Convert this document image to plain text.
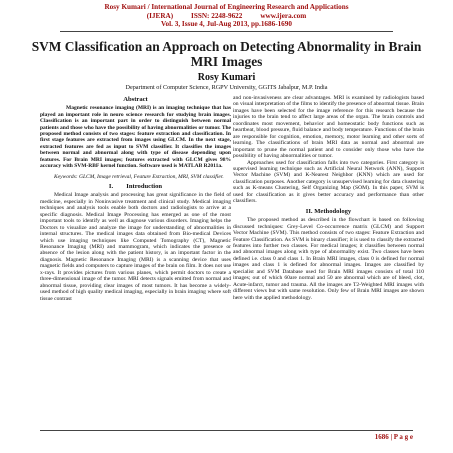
Rosy Kumari / International Journal of Engineering Research and Applications
(IJERA)          ISSN: 2248-9622          www.ijera.com
Vol. 3, Issue 4, Jul-Aug 2013, pp.1686-1690
SVM Classification an Approach on Detecting Abnormality in Brain MRI Images
Rosy Kumari
Department of Computer Science, RGPV University, GGITS Jabalpur, M.P. India
Abstract

Magnetic resonance imaging (MRI) is an imaging technique that has played an important role in neuro science research for studying brain images. Classification is an important part in order to distinguish between normal patients and those who have the possibility of having abnormalities or tumor. The proposed method consists of two stages: feature extraction and classification. In first stage features are extracted from images using GLCM. In the next stage, extracted features are fed as input to SVM classifier. It classifies the images between normal and abnormal along with type of disease depending upon features. For Brain MRI images; features extracted with GLCM gives 98% accuracy with SVM-RBF kernel function. Software used is MATLAB R2011a.

Keywords: GLCM, Image retrieval, Feature Extraction, MRI, SVM classifier.

I.        Introduction

Medical Image analysis and processing has great significance in the field of medicine, especially in Noninvasive treatment and clinical study. Medical imaging techniques and analysis tools enable both doctors and radiologists to arrive at a specific diagnosis. Medical Image Processing has emerged as one of the most important tools to identify as well as diagnose various disorders. Imaging helps the Doctors to visualize and analyze the image for understanding of abnormalities in internal structures. The medical images data obtained from Bio-medical Devices which use imaging techniques like Computed Tomography (CT), Magnetic Resonance Imaging (MRI) and mammogram, which indicates the presence or absence of the lesion along with the patient history, is an important factor in the diagnosis. Magnetic Resonance Imaging (MRI) is a scanning device that uses magnetic fields and computers to capture images of the brain on film. It does not use x-rays. It provides pictures from various planes, which permit doctors to create a three-dimensional image of the tumor. MRI detects signals emitted from normal and abnormal tissue, providing clear images of most tumors. It has become a widely-used method of high quality medical imaging, especially in brain imaging where soft tissue contrast

and non-invasiveness are clear advantages. MRI is examined by radiologists based on visual interpretation of the films to identify the presence of abnormal tissue. Brain images have been selected for the image reference for this research because the injuries to the brain tend to affect large areas of the organ. The brain controls and coordinates most movement, behavior and homeostatic body functions such as heartbeat, blood pressure, fluid balance and body temperature. Functions of the brain are responsible for cognition, emotion, memory, motor learning and other sorts of learning. The classifications of brain MRI data as normal and abnormal are important to prune the normal patient and to consider only those who have the possibility of having abnormalities or tumor.

Approaches used for classification falls into two categories. First category is supervised learning technique such as Artificial Neural Network (ANN), Support Vector Machine (SVM) and K-Nearest Neighbor (KNN) which are used for classification purposes. Another category is unsupervised learning for data clustering such as K-means Clustering, Self Organizing Map (SOM). In this paper, SVM is used for classification as it gives better accuracy and performance than other classifiers.

II. Methodology

The proposed method as described in the flowchart is based on following discussed techniques: Grey-Level Co-occurrence matrix (GLCM) and Support Vector Machine (SVM). This method consists of two stages: Feature Extraction and Feature Classification. As SVM is binary classifier; it is used to classify the extracted features into further two classes. For medical images; it classifies between normal and abnormal images along with type of abnormality exist. Two classes have been defined i.e. class 0 and class 1. In Brain MRI images, class 0 is defined for normal images and class 1 is defined for abnormal images. Images are classified by specialist and SVM Database used for Brain MRI images consists of total 110 images; out of which 60are normal and 50 are abnormal which are of bleed, clot, Acute-infarct, tumor and trauma. All the images are T2-Weighted MRI images with different views but with same resolution. Only few of Brain MRI images are shown here with the applied methodology.

1686 | P a g e
